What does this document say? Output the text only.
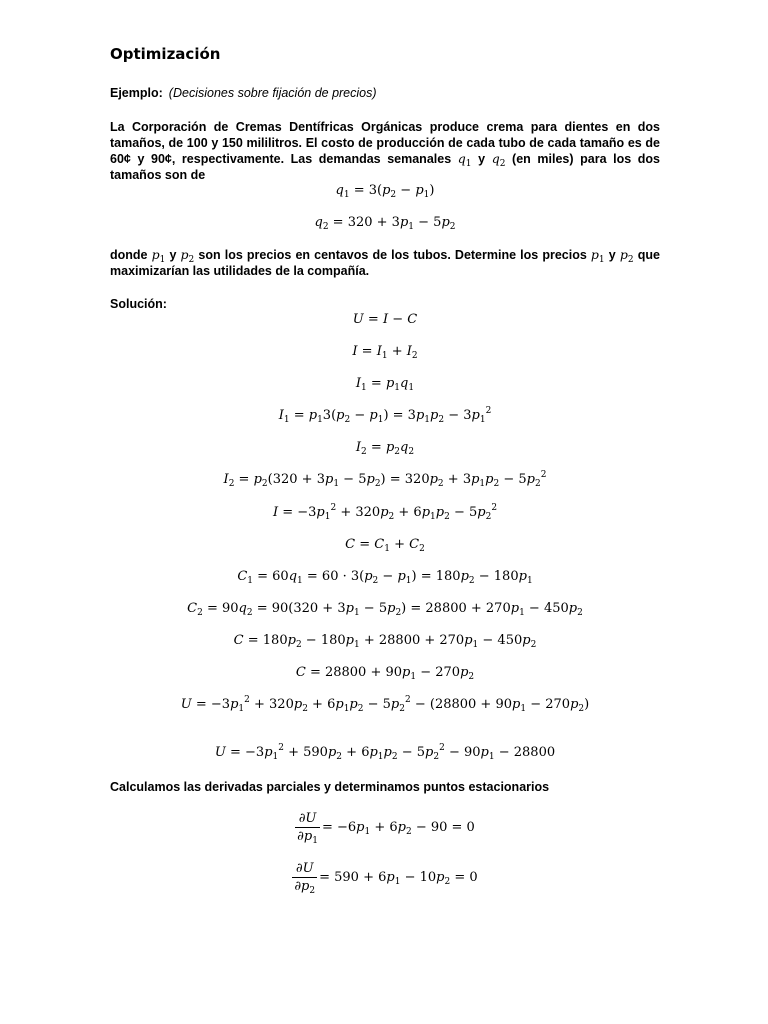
Optimización
Ejemplo: (Decisiones sobre fijación de precios)
La Corporación de Cremas Dentífricas Orgánicas produce crema para dientes en dos tamaños, de 100 y 150 mililitros. El costo de producción de cada tubo de cada tamaño es de 60¢ y 90¢, respectivamente. Las demandas semanales $q_1$ y $q_2$ (en miles) para los dos tamaños son de
$q_1 = 3(p_2 - p_1)$
$q_2 = 320 + 3p_1 - 5p_2$
donde $p_1$ y $p_2$ son los precios en centavos de los tubos. Determine los precios $p_1$ y $p_2$ que maximizarían las utilidades de la compañía.
Solución:
U = I − C
$I = I_1 + I_2$
$I_1 = p_1q_1$
$I_1 = p_13(p_2 - p_1) = 3p_1p_2 - 3p_1^2$
$I_2 = p_2q_2$
$I_2 = p_2(320 + 3p_1 - 5p_2) = 320p_2 + 3p_1p_2 - 5p_2^2$
$I = -3p_1^2 + 320p_2 + 6p_1p_2 - 5p_2^2$
$C = C_1 + C_2$
$C_1 = 60q_1 = 60 \cdot 3(p_2 - p_1) = 180p_2 - 180p_1$
$C_2 = 90q_2 = 90(320 + 3p_1 - 5p_2) = 28800 + 270p_1 - 450p_2$
$C = 180p_2 - 180p_1 + 28800 + 270p_1 - 450p_2$
$C = 28800 + 90p_1 - 270p_2$
$U = -3p_1^2 + 320p_2 + 6p_1p_2 - 5p_2^2 - (28800 + 90p_1 - 270p_2)$
$U = -3p_1^2 + 590p_2 + 6p_1p_2 - 5p_2^2 - 90p_1 - 28800$
Calculamos las derivadas parciales y determinamos puntos estacionarios
$\frac{\partial U}{\partial p_1} = -6p_1 + 6p_2 - 90 = 0$
$\frac{\partial U}{\partial p_2} = 590 + 6p_1 - 10p_2 = 0$
